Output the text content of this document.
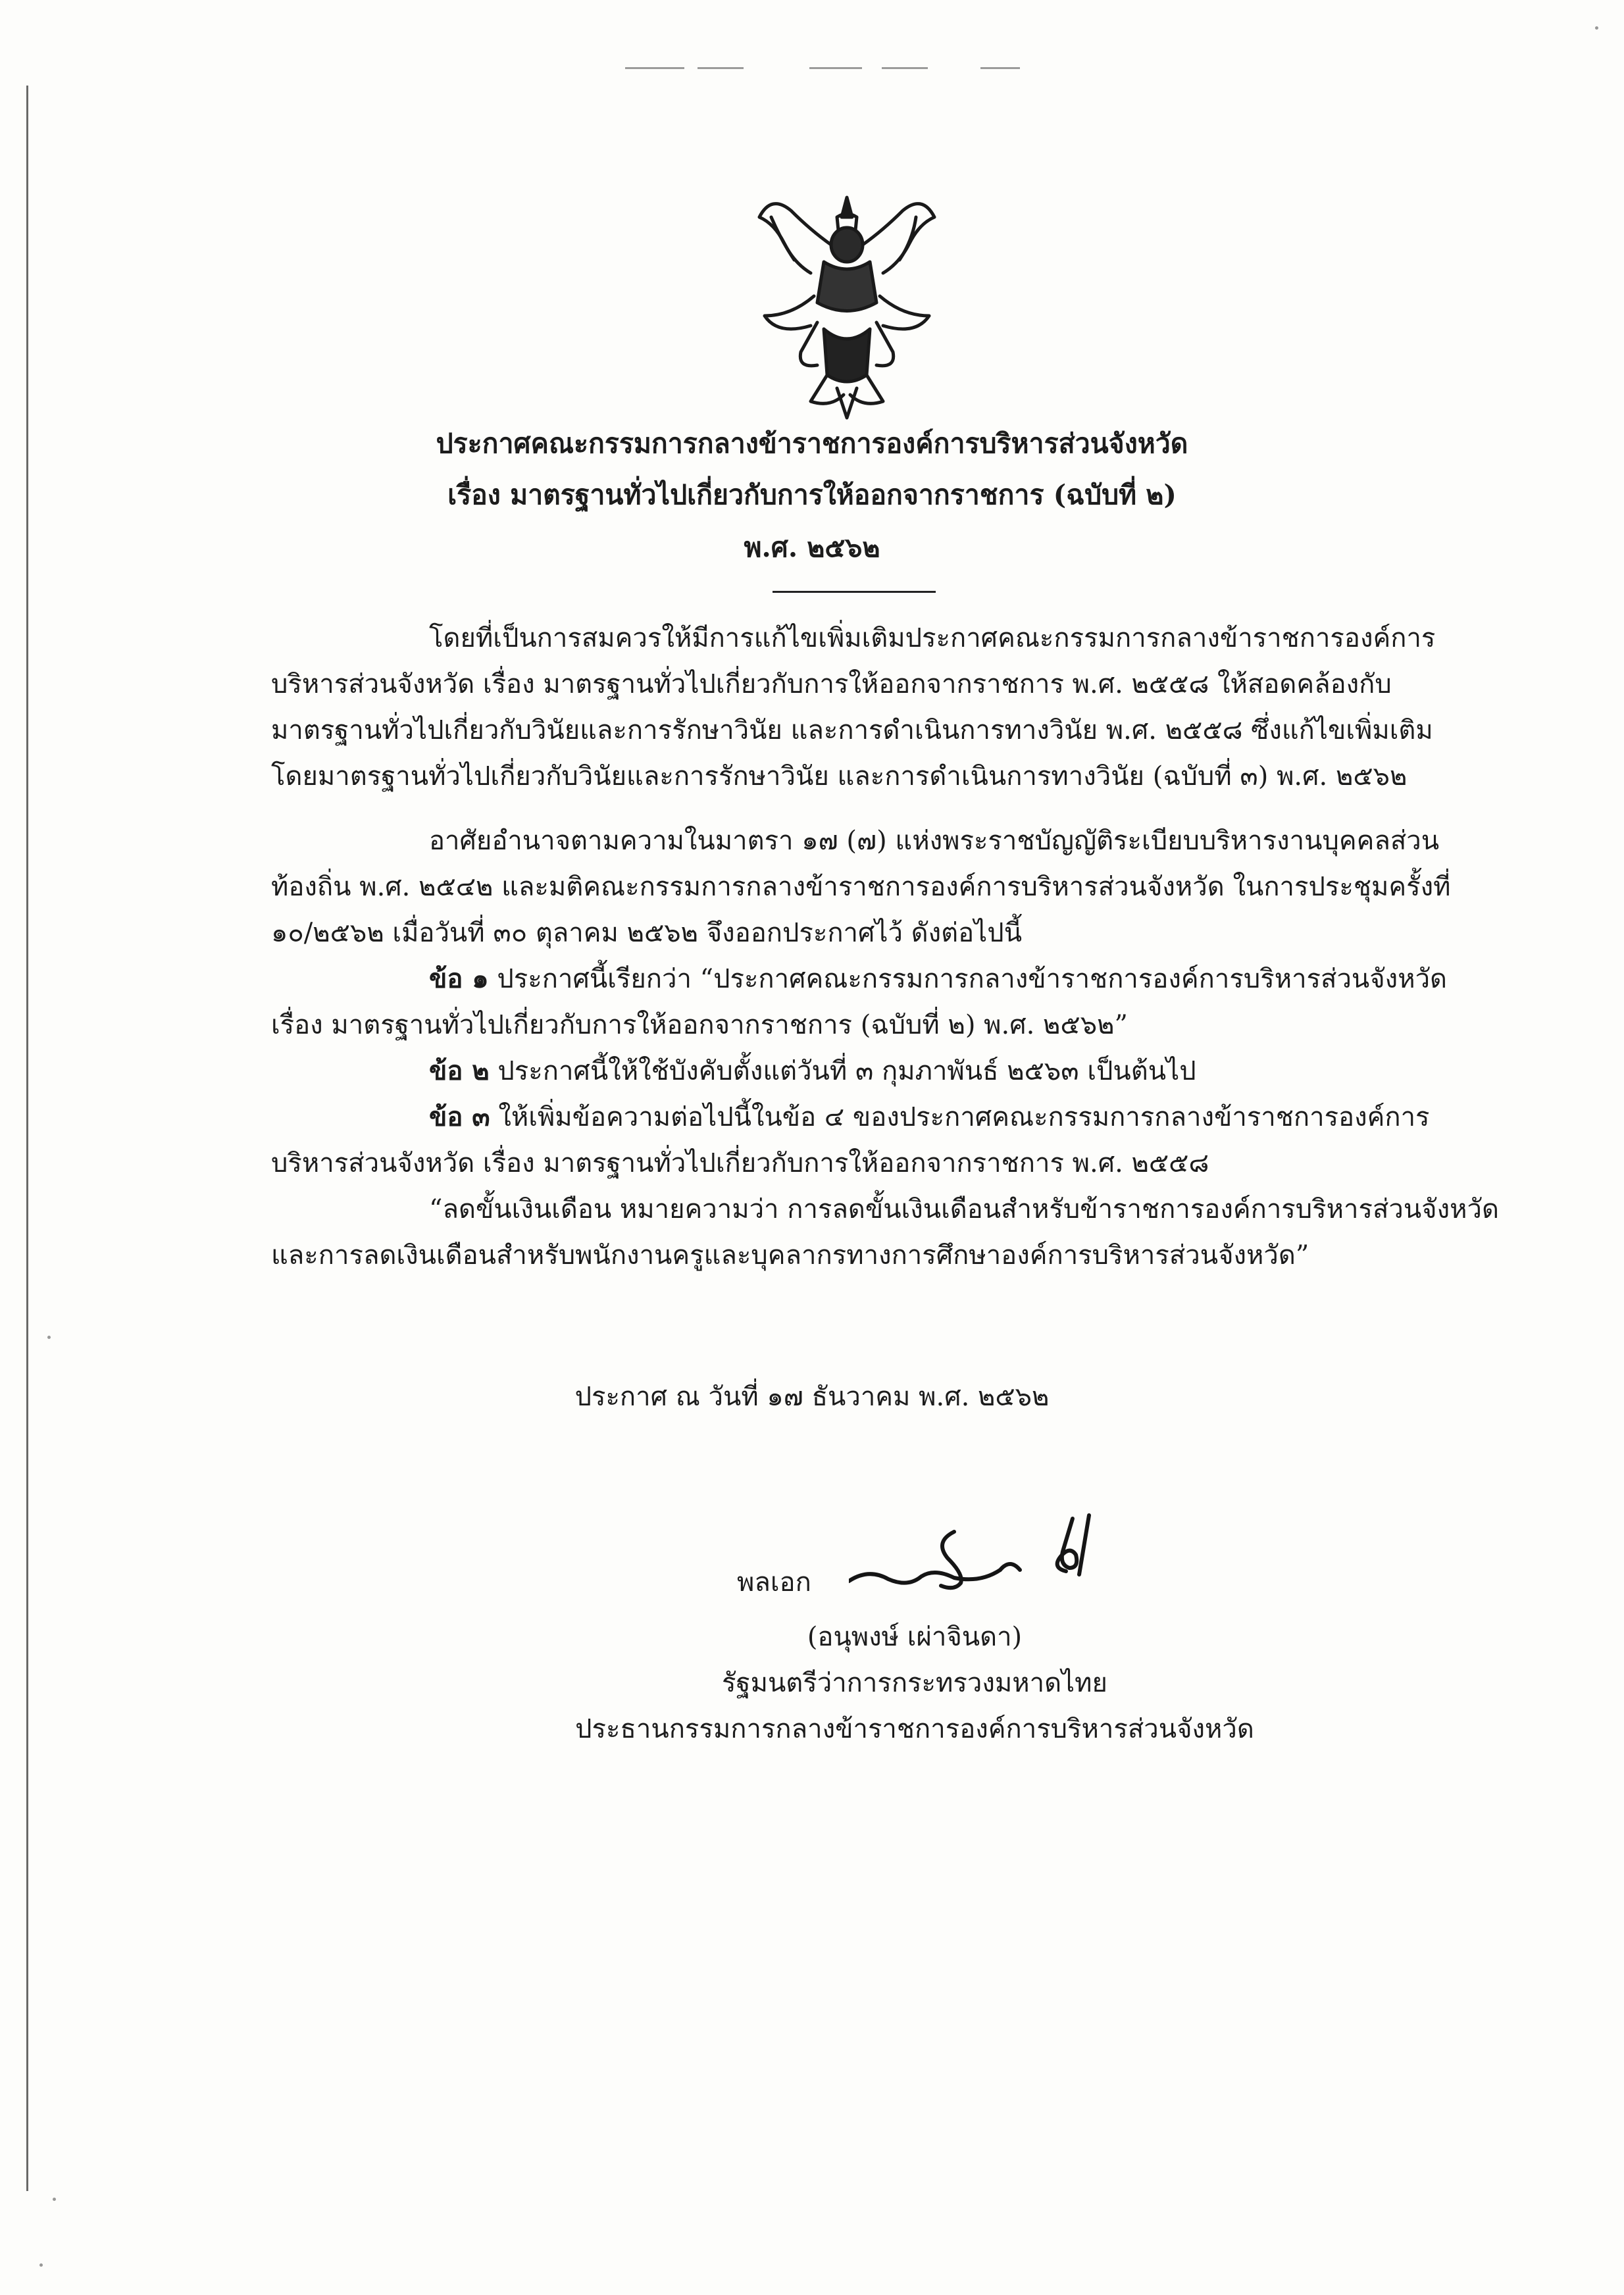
ประกาศคณะกรรมการกลางข้าราชการองค์การบริหารส่วนจังหวัด
เรื่อง มาตรฐานทั่วไปเกี่ยวกับการให้ออกจากราชการ (ฉบับที่ ๒)
พ.ศ. ๒๕๖๒
โดยที่เป็นการสมควรให้มีการแก้ไขเพิ่มเติมประกาศคณะกรรมการกลางข้าราชการองค์การ
บริหารส่วนจังหวัด เรื่อง มาตรฐานทั่วไปเกี่ยวกับการให้ออกจากราชการ พ.ศ. ๒๕๕๘ ให้สอดคล้องกับ
มาตรฐานทั่วไปเกี่ยวกับวินัยและการรักษาวินัย และการดำเนินการทางวินัย พ.ศ. ๒๕๕๘ ซึ่งแก้ไขเพิ่มเติม
โดยมาตรฐานทั่วไปเกี่ยวกับวินัยและการรักษาวินัย และการดำเนินการทางวินัย (ฉบับที่ ๓) พ.ศ. ๒๕๖๒
อาศัยอำนาจตามความในมาตรา ๑๗ (๗) แห่งพระราชบัญญัติระเบียบบริหารงานบุคคลส่วน
ท้องถิ่น พ.ศ. ๒๕๔๒ และมติคณะกรรมการกลางข้าราชการองค์การบริหารส่วนจังหวัด ในการประชุมครั้งที่
๑๐/๒๕๖๒ เมื่อวันที่ ๓๐ ตุลาคม ๒๕๖๒ จึงออกประกาศไว้ ดังต่อไปนี้
ข้อ ๑ ประกาศนี้เรียกว่า “ประกาศคณะกรรมการกลางข้าราชการองค์การบริหารส่วนจังหวัด
เรื่อง มาตรฐานทั่วไปเกี่ยวกับการให้ออกจากราชการ (ฉบับที่ ๒) พ.ศ. ๒๕๖๒”
ข้อ ๒ ประกาศนี้ให้ใช้บังคับตั้งแต่วันที่ ๓ กุมภาพันธ์ ๒๕๖๓ เป็นต้นไป
ข้อ ๓ ให้เพิ่มข้อความต่อไปนี้ในข้อ ๔ ของประกาศคณะกรรมการกลางข้าราชการองค์การ
บริหารส่วนจังหวัด เรื่อง มาตรฐานทั่วไปเกี่ยวกับการให้ออกจากราชการ พ.ศ. ๒๕๕๘
“ลดขั้นเงินเดือน หมายความว่า การลดขั้นเงินเดือนสำหรับข้าราชการองค์การบริหารส่วนจังหวัด
และการลดเงินเดือนสำหรับพนักงานครูและบุคลากรทางการศึกษาองค์การบริหารส่วนจังหวัด”
ประกาศ ณ วันที่ ๑๗ ธันวาคม พ.ศ. ๒๕๖๒
พลเอก
(อนุพงษ์ เผ่าจินดา)
รัฐมนตรีว่าการกระทรวงมหาดไทย
ประธานกรรมการกลางข้าราชการองค์การบริหารส่วนจังหวัด
